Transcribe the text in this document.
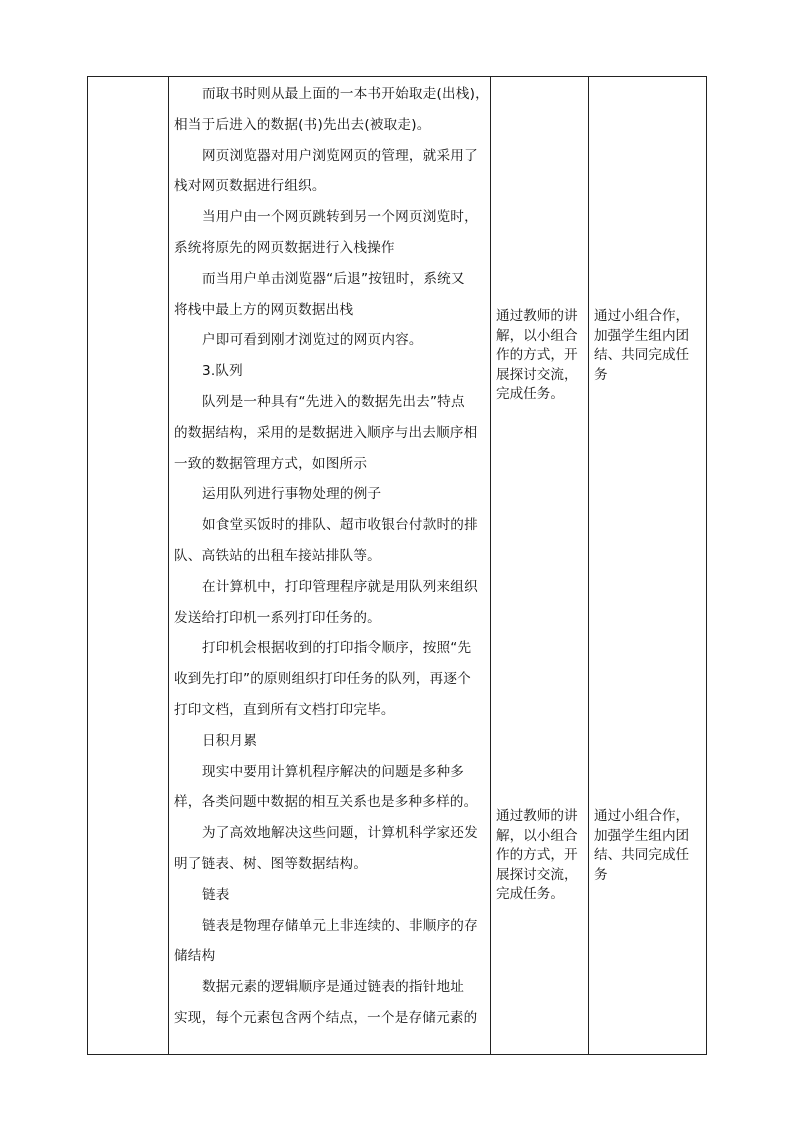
而取书时则从最上面的一本书开始取走(出栈)，
相当于后进入的数据(书)先出去(被取走)。
网页浏览器对用户浏览网页的管理，就采用了
栈对网页数据进行组织。
当用户由一个网页跳转到另一个网页浏览时，
系统将原先的网页数据进行入栈操作
而当用户单击浏览器“后退”按钮时，系统又
将栈中最上方的网页数据出栈
户即可看到刚才浏览过的网页内容。
3.队列
队列是一种具有“先进入的数据先出去”特点
的数据结构，采用的是数据进入顺序与出去顺序相
一致的数据管理方式，如图所示
运用队列进行事物处理的例子
如食堂买饭时的排队、超市收银台付款时的排
队、高铁站的出租车接站排队等。
在计算机中，打印管理程序就是用队列来组织
发送给打印机一系列打印任务的。
打印机会根据收到的打印指令顺序，按照“先
收到先打印”的原则组织打印任务的队列，再逐个
打印文档，直到所有文档打印完毕。
日积月累
现实中要用计算机程序解决的问题是多种多
样，各类问题中数据的相互关系也是多种多样的。
为了高效地解决这些问题，计算机科学家还发
明了链表、树、图等数据结构。
链表
链表是物理存储单元上非连续的、非顺序的存
储结构
数据元素的逻辑顺序是通过链表的指针地址
实现，每个元素包含两个结点，一个是存储元素的
通过教师的讲
解，以小组合
作的方式，开
展探讨交流，
完成任务。
通过小组合作，
加强学生组内团
结、共同完成任
务
通过教师的讲
解，以小组合
作的方式，开
展探讨交流，
完成任务。
通过小组合作，
加强学生组内团
结、共同完成任
务
